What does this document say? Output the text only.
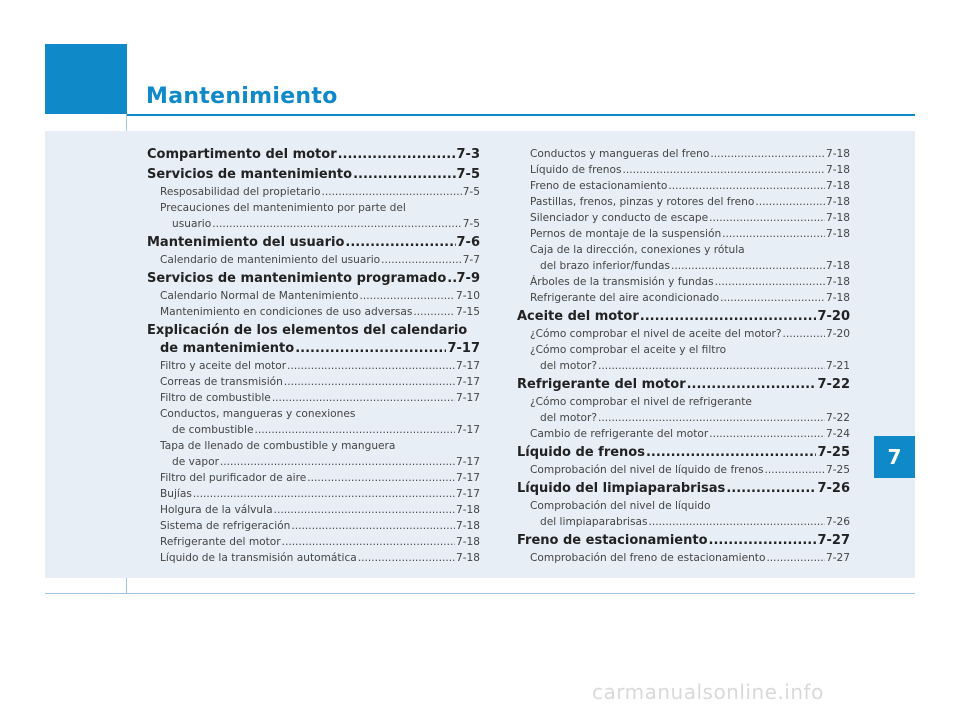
Mantenimiento
Compartimento del motor .....	7-3
Servicios de mantenimiento .....	7-5
Resposabilidad del propietario .....	7-5
Precauciones del mantenimiento por parte del
usuario .....	7-5
Mantenimiento del usuario .....	7-6
Calendario de mantenimiento del usuario .....	7-7
Servicios de mantenimiento programado ..... 7-9
Calendario Normal de Mantenimiento .....	7-10
Mantenimiento en condiciones de uso adversas .....	7-15
Explicación de los elementos del calendario
de mantenimiento .....	7-17
Filtro y aceite del motor .....	7-17
Correas de transmisión .....	7-17
Filtro de combustible .....	7-17
Conductos, mangueras y conexiones
de combustible .....	7-17
Tapa de llenado de combustible y manguera
de vapor .....	7-17
Filtro del purificador de aire .....	7-17
Bujías .....	7-17
Holgura de la válvula .....	7-18
Sistema de refrigeración .....	7-18
Refrigerante del motor .....	7-18
Líquido de la transmisión automática .....	7-18
Conductos y mangueras del freno .....	7-18
Líquido de frenos .....	7-18
Freno de estacionamiento .....	7-18
Pastillas, frenos, pinzas y rotores del freno .....	7-18
Silenciador y conducto de escape .....	7-18
Pernos de montaje de la suspensión .....	7-18
Caja de la dirección, conexiones y rótula
del brazo inferior/fundas .....	7-18
Árboles de la transmisión y fundas .....	7-18
Refrigerante del aire acondicionado .....	7-18
Aceite del motor .....	7-20
¿Cómo comprobar el nivel de aceite del motor? .....	7-20
¿Cómo comprobar el aceite y el filtro
del motor? .....	7-21
Refrigerante del motor .....	7-22
¿Cómo comprobar el nivel de refrigerante
del motor? .....	7-22
Cambio de refrigerante del motor .....	7-24
Líquido de frenos .....	7-25
Comprobación del nivel de líquido de frenos .....	7-25
Líquido del limpiaparabrisas .....	7-26
Comprobación del nivel de líquido
del limpiaparabrisas .....	7-26
Freno de estacionamiento .....	7-27
Comprobación del freno de estacionamiento .....	7-27
7
carmanualsonline.info
